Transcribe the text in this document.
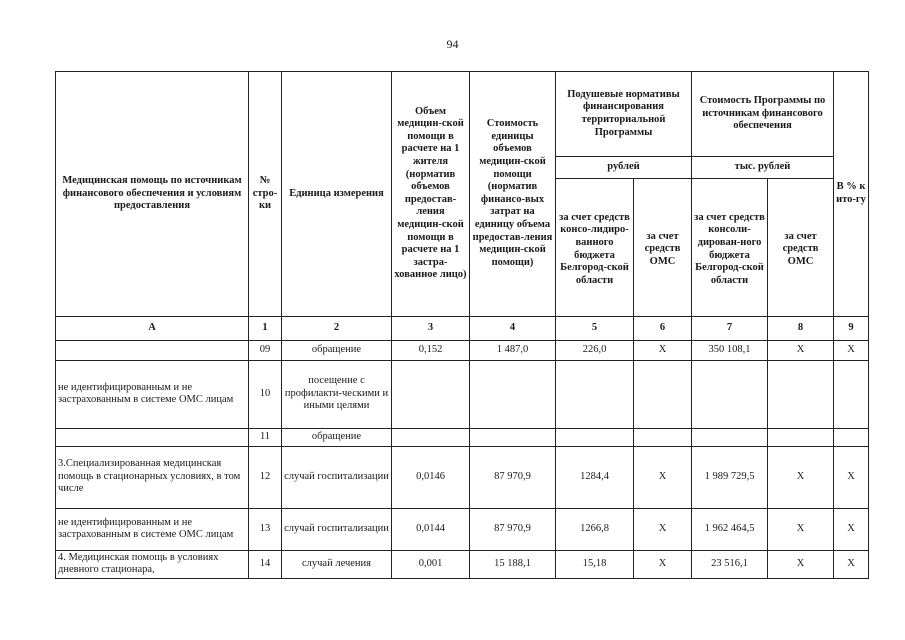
94
Медицинская помощь по источникам финансового обеспечения и условиям предоставления	№ стро-ки	Единица измерения	Объем медицин-ской помощи в расчете на 1 жителя (норматив объемов предостав-ления медицин-ской помощи в расчете на 1 застра-хованное лицо)	Стоимость единицы объемов медицин-ской помощи (норматив финансо-вых затрат на единицу объема предостав-ления медицин-ской помощи)	Подушевые нормативы финансирования территориальной Программы		Стоимость Программы по источникам финансового обеспечения		В % к ито-гу
					рублей		тыс. рублей		
					за счет средств консо-лидиро-ванного бюджета Белгород-ской области	за счет средств ОМС	за счет средств консоли-дирован-ного бюджета Белгород-ской области	за счет средств ОМС	
А	1	2	3	4	5	6	7	8	9
	09	обращение	0,152	1 487,0	226,0	X	350 108,1	X	X
не идентифицированным и не застрахованным в системе ОМС лицам	10	посещение с профилакти-ческими и иными целями							
	11	обращение							
3.Специализированная медицинская помощь в стационарных условиях, в том числе	12	случай госпитализации	0,0146	87 970,9	1284,4	X	1 989 729,5	X	X
не идентифицированным и не застрахованным в системе ОМС лицам	13	случай госпитализации	0,0144	87 970,9	1266,8	X	1 962 464,5	X	X
4. Медицинская помощь в условиях дневного стационара,	14	случай лечения	0,001	15 188,1	15,18	X	23 516,1	X	X
